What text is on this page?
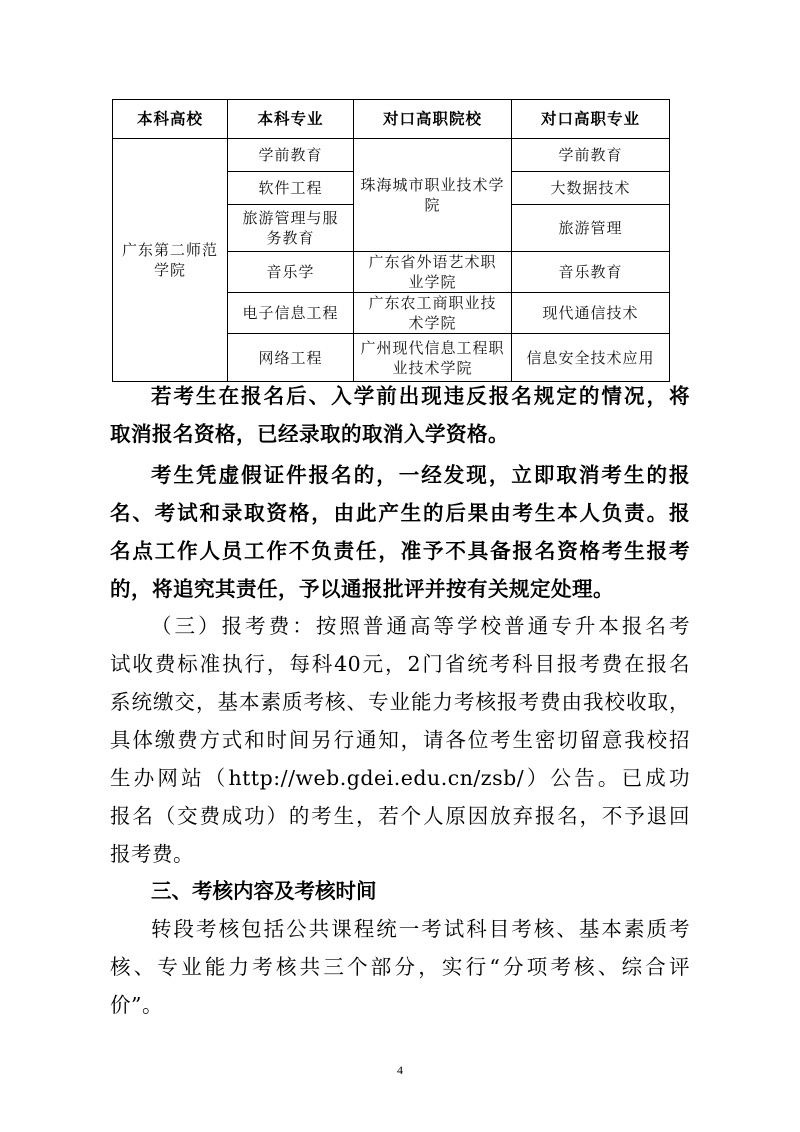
本科高校	本科专业	对口高职院校	对口高职专业
广东第二师范学院	学前教育	珠海城市职业技术学院	学前教育
	软件工程		大数据技术
	旅游管理与服务教育		旅游管理
	音乐学	广东省外语艺术职业学院	音乐教育
	电子信息工程	广东农工商职业技术学院	现代通信技术
	网络工程	广州现代信息工程职业技术学院	信息安全技术应用
若考生在报名后、入学前出现违反报名规定的情况，将
取消报名资格，已经录取的取消入学资格。
考生凭虚假证件报名的，一经发现，立即取消考生的报
名、考试和录取资格，由此产生的后果由考生本人负责。报
名点工作人员工作不负责任，准予不具备报名资格考生报考
的，将追究其责任，予以通报批评并按有关规定处理。
（三）报考费：按照普通高等学校普通专升本报名考
试收费标准执行，每科40元，2门省统考科目报考费在报名
系统缴交，基本素质考核、专业能力考核报考费由我校收取，
具体缴费方式和时间另行通知，请各位考生密切留意我校招
生办网站（http://web.gdei.edu.cn/zsb/）公告。已成功
报名（交费成功）的考生，若个人原因放弃报名，不予退回
报考费。
三、考核内容及考核时间
转段考核包括公共课程统一考试科目考核、基本素质考
核、专业能力考核共三个部分，实行“分项考核、综合评
价”。
4
